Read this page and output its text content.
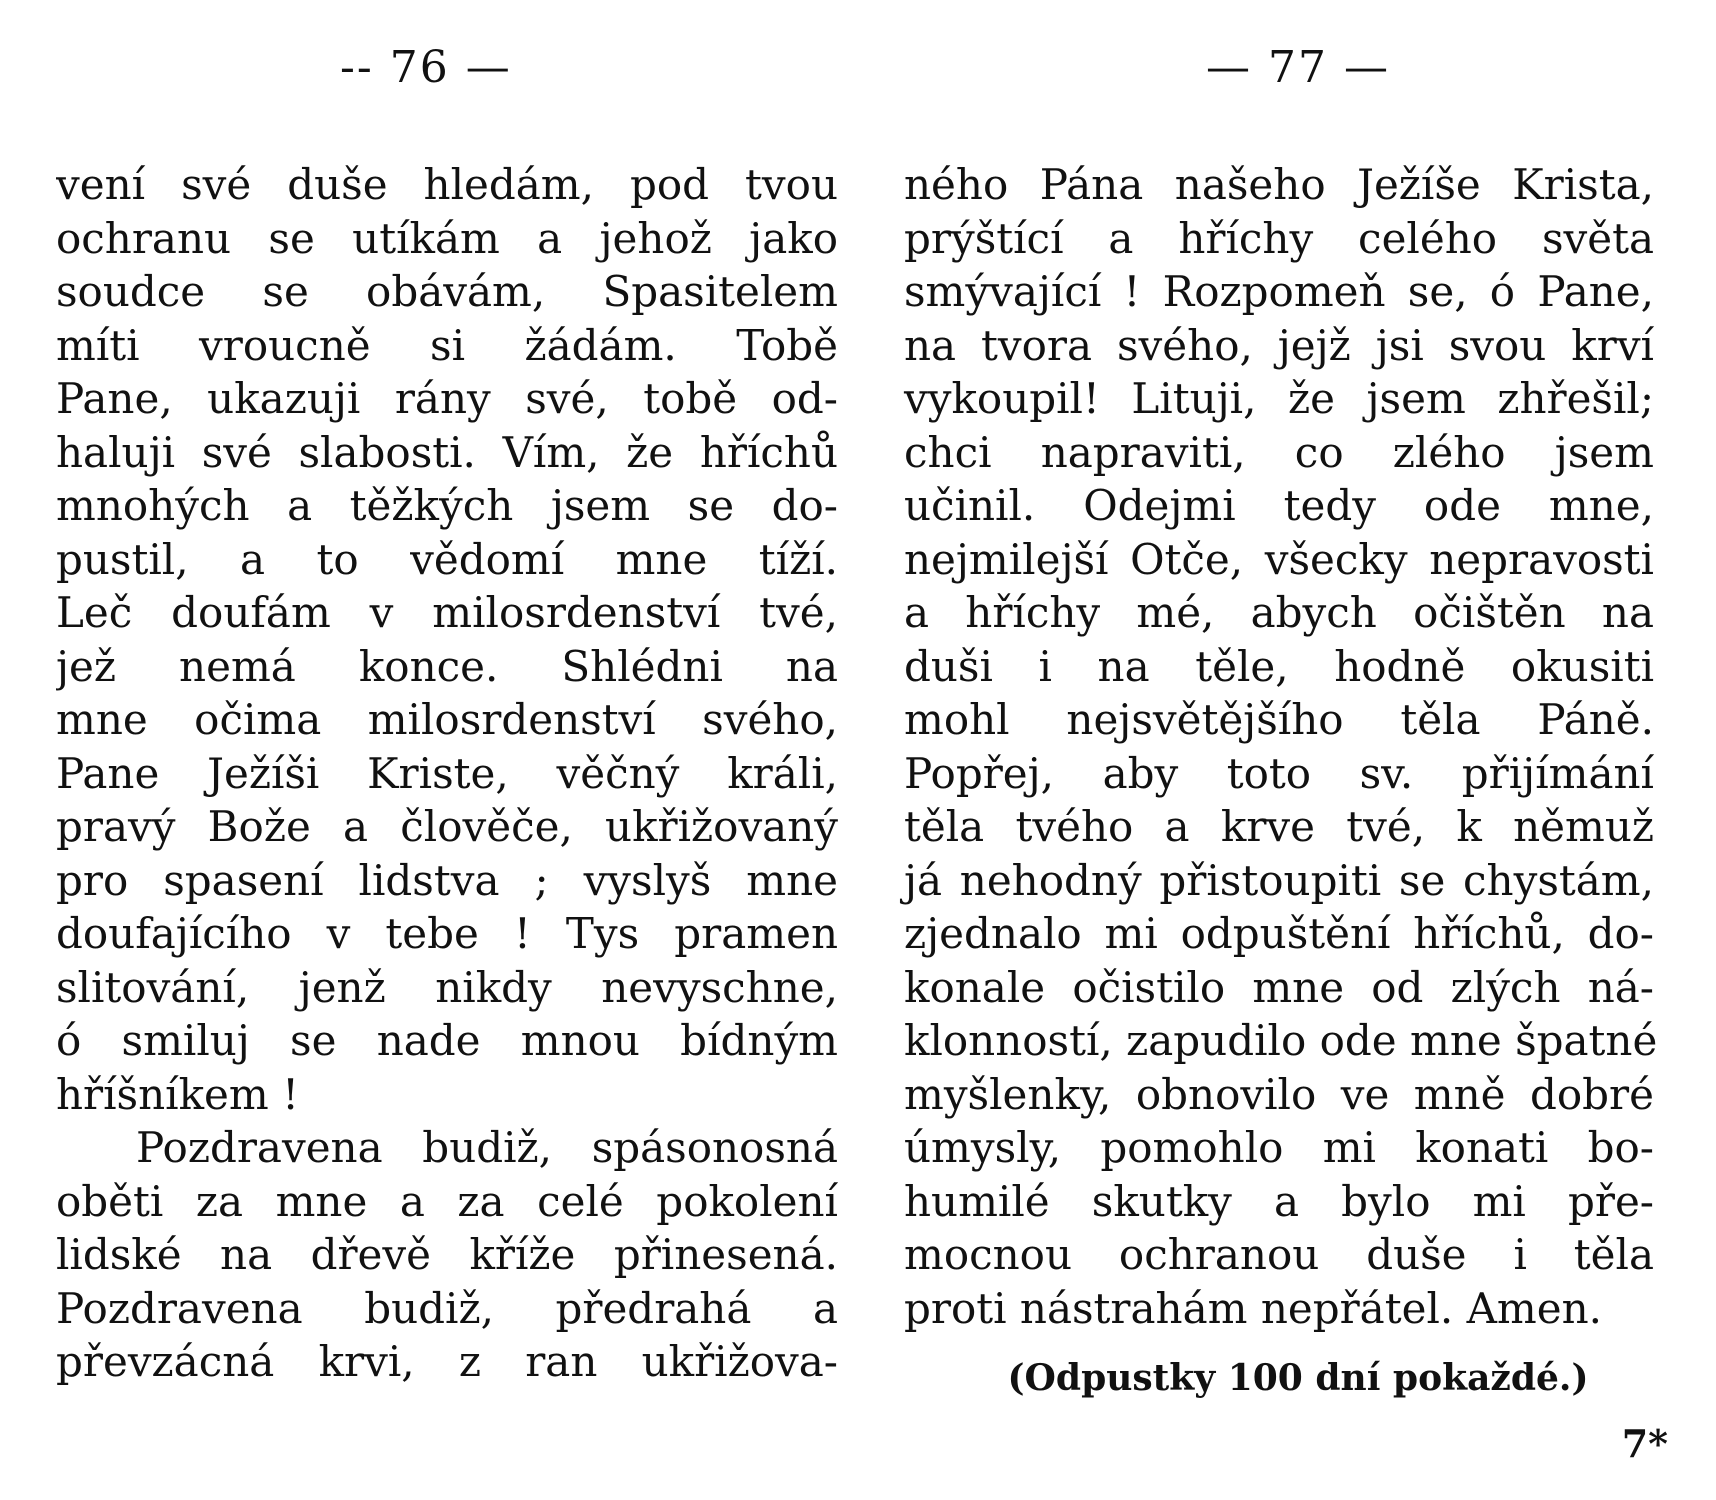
-- 76 —
vení své duše hledám, pod tvou
ochranu se utíkám a jehož jako
soudce se obávám, Spasitelem
míti vroucně si žádám. Tobě
Pane, ukazuji rány své, tobě od-
haluji své slabosti. Vím, že hříchů
mnohých a těžkých jsem se do-
pustil, a to vědomí mne tíží.
Leč doufám v milosrdenství tvé,
jež nemá konce. Shlédni na
mne očima milosrdenství svého,
Pane Ježíši Kriste, věčný králi,
pravý Bože a člověče, ukřižovaný
pro spasení lidstva ; vyslyš mne
doufajícího v tebe ! Tys pramen
slitování, jenž nikdy nevyschne,
ó smiluj se nade mnou bídným
hříšníkem !
Pozdravena budiž, spásonosná
oběti za mne a za celé pokolení
lidské na dřevě kříže přinesená.
Pozdravena budiž, předrahá a
převzácná krvi, z ran ukřižova-
— 77 —
ného Pána našeho Ježíše Krista,
prýštící a hříchy celého světa
smývající ! Rozpomeň se, ó Pane,
na tvora svého, jejž jsi svou krví
vykoupil! Lituji, že jsem zhřešil;
chci napraviti, co zlého jsem
učinil. Odejmi tedy ode mne,
nejmilejší Otče, všecky nepravosti
a hříchy mé, abych očištěn na
duši i na těle, hodně okusiti
mohl nejsvětějšího těla Páně.
Popřej, aby toto sv. přijímání
těla tvého a krve tvé, k němuž
já nehodný přistoupiti se chystám,
zjednalo mi odpuštění hříchů, do-
konale očistilo mne od zlých ná-
klonností, zapudilo ode mne špatné
myšlenky, obnovilo ve mně dobré
úmysly, pomohlo mi konati bo-
humilé skutky a bylo mi pře-
mocnou ochranou duše i těla
proti nástrahám nepřátel. Amen.
(Odpustky 100 dní pokaždé.)
7*
